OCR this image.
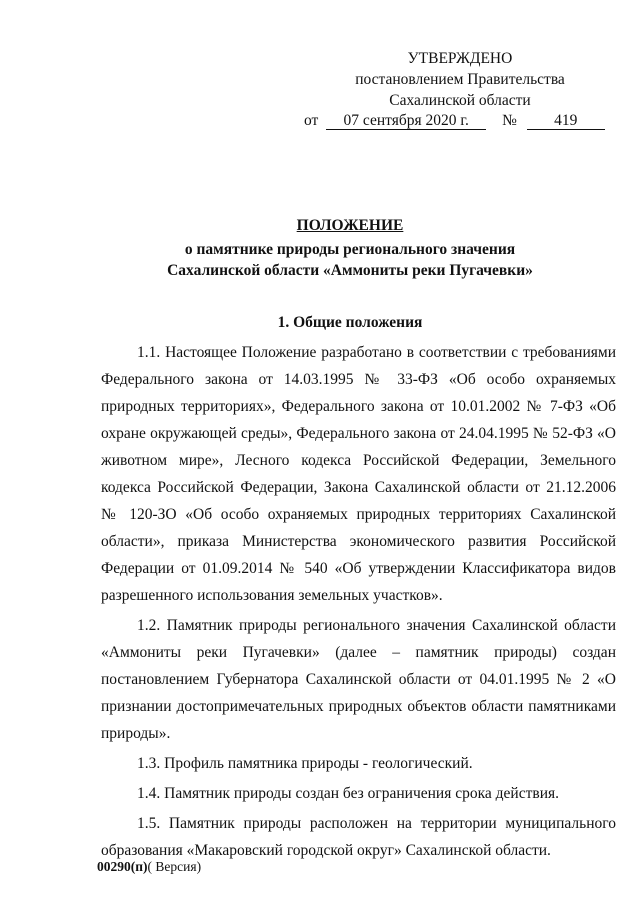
УТВЕРЖДЕНО
постановлением Правительства
Сахалинской области
от 07 сентября 2020 г. № 419
ПОЛОЖЕНИЕ
о памятнике природы регионального значения
Сахалинской области «Аммониты реки Пугачевки»
1. Общие положения

1.1. Настоящее Положение разработано в соответствии с требованиями Федерального закона от 14.03.1995 № 33-ФЗ «Об особо охраняемых природных территориях», Федерального закона от 10.01.2002 № 7-ФЗ «Об охране окружающей среды», Федерального закона от 24.04.1995 № 52-ФЗ «О животном мире», Лесного кодекса Российской Федерации, Земельного кодекса Российской Федерации, Закона Сахалинской области от 21.12.2006 № 120-ЗО «Об особо охраняемых природных территориях Сахалинской области», приказа Министерства экономического развития Российской Федерации от 01.09.2014 № 540 «Об утверждении Классификатора видов разрешенного использования земельных участков».

1.2. Памятник природы регионального значения Сахалинской области «Аммониты реки Пугачевки» (далее – памятник природы) создан постановлением Губернатора Сахалинской области от 04.01.1995 № 2 «О признании достопримечательных природных объектов области памятниками природы».

1.3. Профиль памятника природы - геологический.

1.4. Памятник природы создан без ограничения срока действия.

1.5. Памятник природы расположен на территории муниципального образования «Макаровский городской округ» Сахалинской области.

00290(п)( Версия)
